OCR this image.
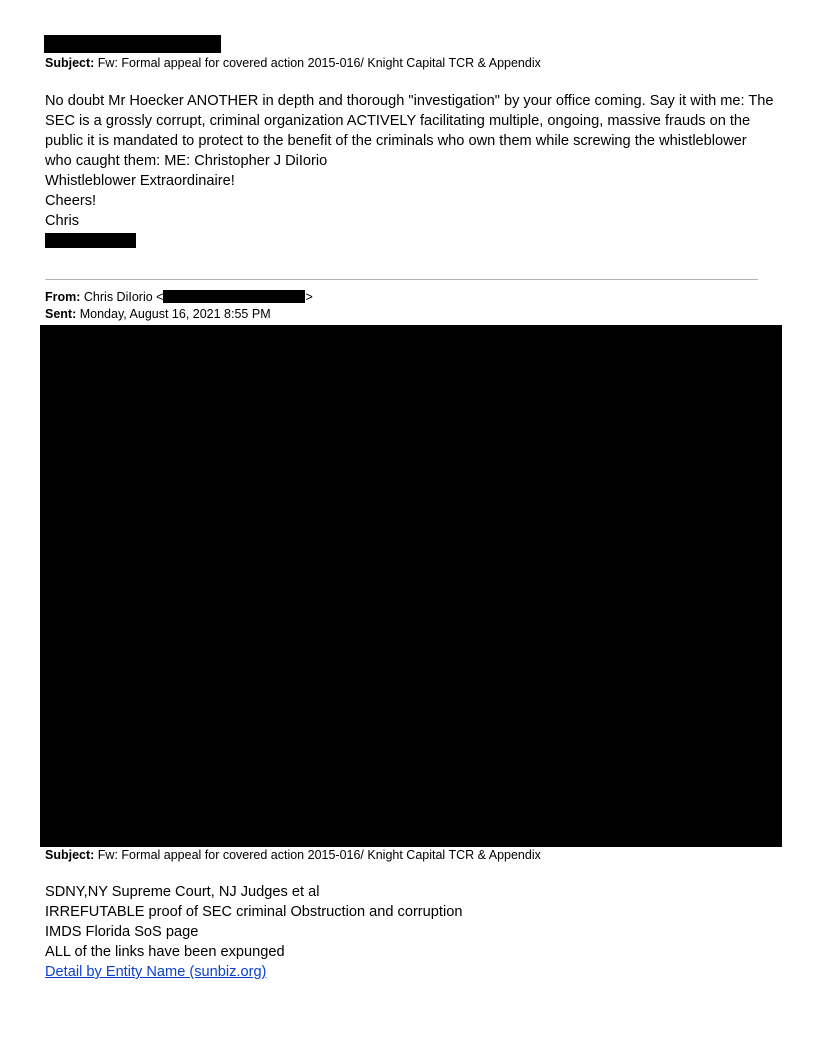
Subject: Fw: Formal appeal for covered action 2015-016/ Knight Capital TCR & Appendix

No doubt Mr Hoecker ANOTHER in depth and thorough "investigation" by your office coming. Say it with me: The SEC is a grossly corrupt, criminal organization ACTIVELY facilitating multiple, ongoing, massive frauds on the public it is mandated to protect to the benefit of the criminals who own them while screwing the whistleblower who caught them: ME: Christopher J DiIorio

Whistleblower Extraordinaire!

Cheers!

Chris

From: Chris DiIorio <	>
Sent: Monday, August 16, 2021 8:55 PM
Subject: Fw: Formal appeal for covered action 2015-016/ Knight Capital TCR & Appendix

SDNY,NY Supreme Court, NJ Judges et al

IRREFUTABLE proof of SEC criminal Obstruction and corruption

IMDS Florida SoS page

ALL of the links have been expunged

Detail by Entity Name (sunbiz.org)
